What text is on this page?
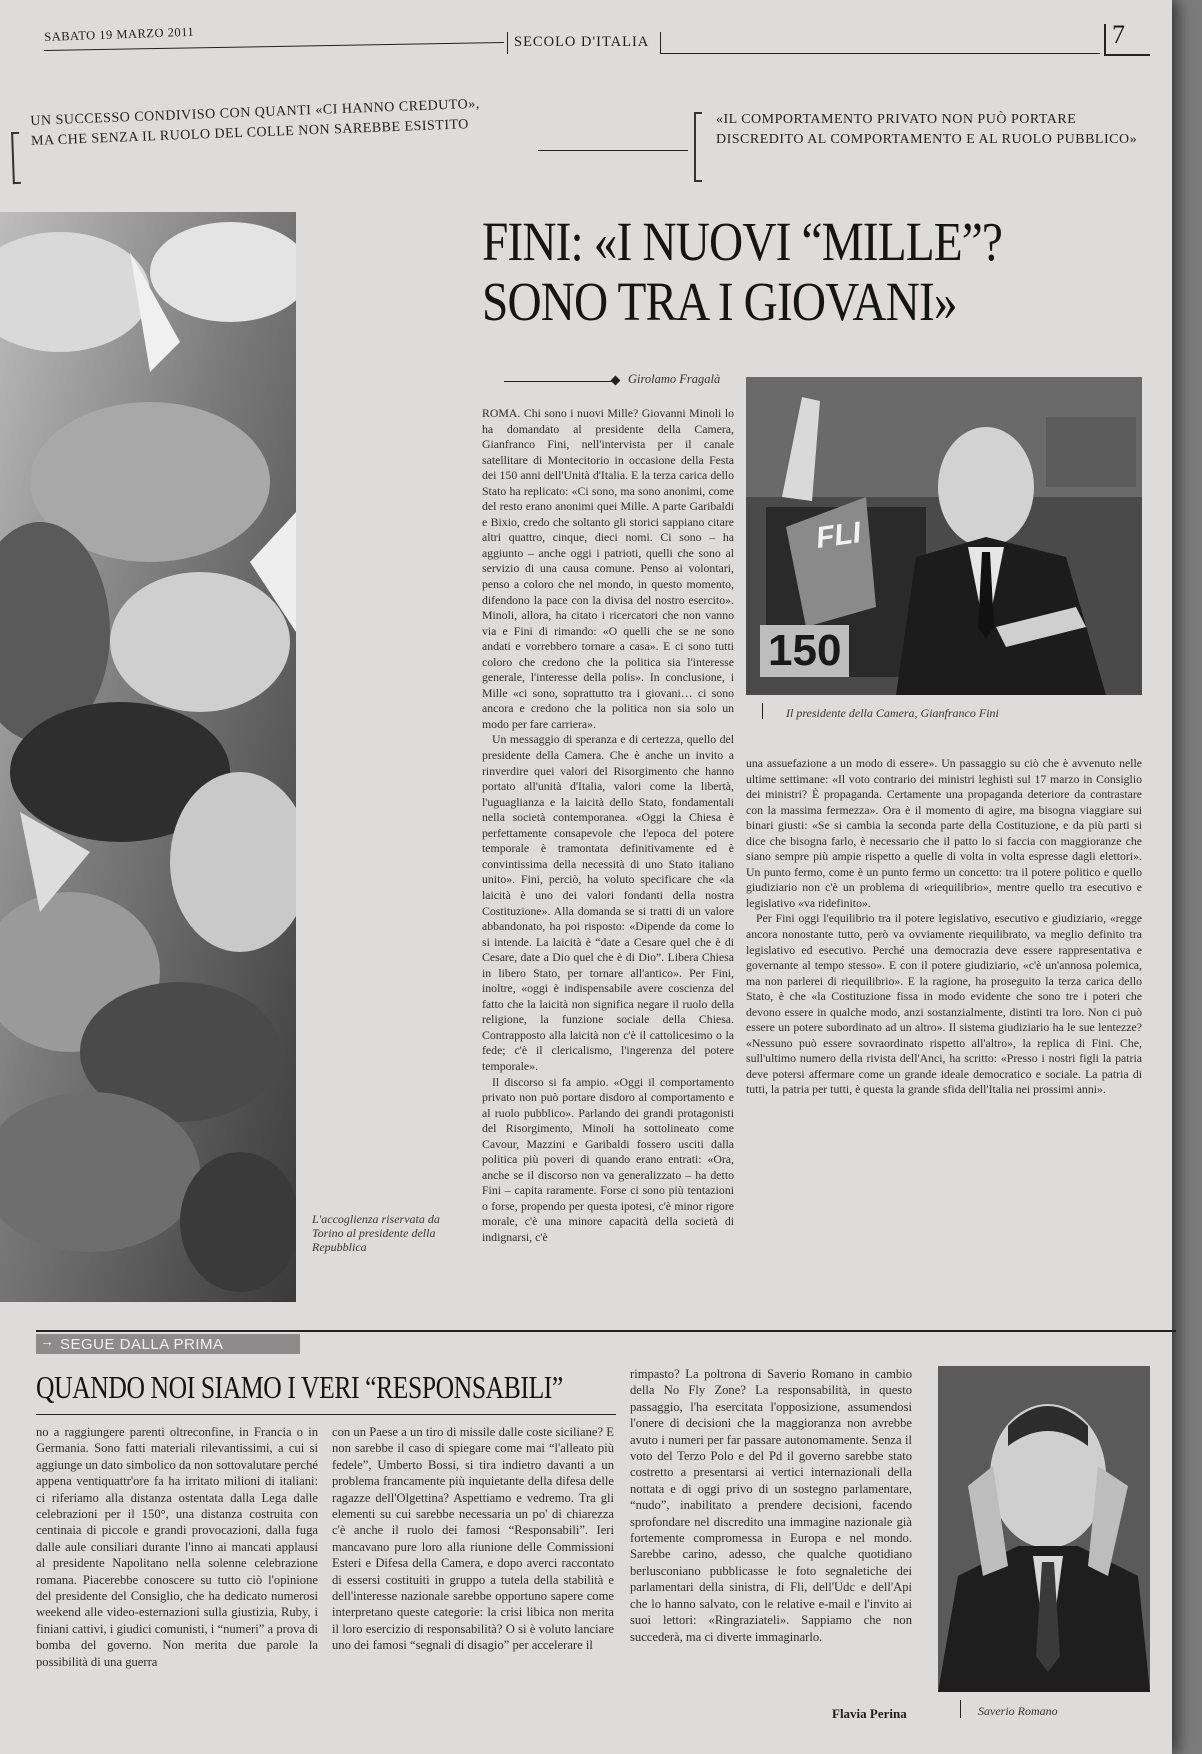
SABATO 19 MARZO 2011	SECOLO D'ITALIA	7
UN SUCCESSO CONDIVISO CON QUANTI «CI HANNO CREDUTO», MA CHE SENZA IL RUOLO DEL COLLE NON SAREBBE ESISTITO	«IL COMPORTAMENTO PRIVATO NON PUÒ PORTARE DISCREDITO AL COMPORTAMENTO E AL RUOLO PUBBLICO»
L'accoglienza riservata da Torino al presidente della Repubblica
FINI: «I NUOVI “MILLE”?
SONO TRA I GIOVANI»
Girolamo Fragalà
FLI
150
Il presidente della Camera, Gianfranco Fini

ROMA. Chi sono i nuovi Mille? Giovanni Minoli lo ha domandato al presidente della Camera, Gianfranco Fini, nell'intervista per il canale satellitare di Montecitorio in occasione della Festa dei 150 anni dell'Unità d'Italia. E la terza carica dello Stato ha replicato: «Ci sono, ma sono anonimi, come del resto erano anonimi quei Mille. A parte Garibaldi e Bixio, credo che soltanto gli storici sappiano citare altri quattro, cinque, dieci nomi. Ci sono – ha aggiunto – anche oggi i patrioti, quelli che sono al servizio di una causa comune. Penso ai volontari, penso a coloro che nel mondo, in questo momento, difendono la pace con la divisa del nostro esercito». Minoli, allora, ha citato i ricercatori che non vanno via e Fini di rimando: «O quelli che se ne sono andati e vorrebbero tornare a casa». E ci sono tutti coloro che credono che la politica sia l'interesse generale, l'interesse della polis». In conclusione, i Mille «ci sono, soprattutto tra i giovani… ci sono ancora e credono che la politica non sia solo un modo per fare carriera».

Un messaggio di speranza e di certezza, quello del presidente della Camera. Che è anche un invito a rinverdire quei valori del Risorgimento che hanno portato all'unità d'Italia, valori come la libertà, l'uguaglianza e la laicità dello Stato, fondamentali nella società contemporanea. «Oggi la Chiesa è perfettamente consapevole che l'epoca del potere temporale è tramontata definitivamente ed è convintissima della necessità di uno Stato italiano unito». Fini, perciò, ha voluto specificare che «la laicità è uno dei valori fondanti della nostra Costituzione». Alla domanda se si tratti di un valore abbandonato, ha poi risposto: «Dipende da come lo si intende. La laicità è “date a Cesare quel che è di Cesare, date a Dio quel che è di Dio”. Libera Chiesa in libero Stato, per tornare all'antico». Per Fini, inoltre, «oggi è indispensabile avere coscienza del fatto che la laicità non significa negare il ruolo della religione, la funzione sociale della Chiesa. Contrapposto alla laicità non c'è il cattolicesimo o la fede; c'è il clericalismo, l'ingerenza del potere temporale».

Il discorso si fa ampio. «Oggi il comportamento privato non può portare disdoro al comportamento e al ruolo pubblico». Parlando dei grandi protagonisti del Risorgimento, Minoli ha sottolineato come Cavour, Mazzini e Garibaldi fossero usciti dalla politica più poveri di quando erano entrati: «Ora, anche se il discorso non va generalizzato – ha detto Fini – capita raramente. Forse ci sono più tentazioni o forse, propendo per questa ipotesi, c'è minor rigore morale, c'è una minore capacità della società di indignarsi, c'è

una assuefazione a un modo di essere». Un passaggio su ciò che è avvenuto nelle ultime settimane: «Il voto contrario dei ministri leghisti sul 17 marzo in Consiglio dei ministri? È propaganda. Certamente una propaganda deteriore da contrastare con la massima fermezza». Ora è il momento di agire, ma bisogna viaggiare sui binari giusti: «Se si cambia la seconda parte della Costituzione, e da più parti si dice che bisogna farlo, è necessario che il patto lo si faccia con maggioranze che siano sempre più ampie rispetto a quelle di volta in volta espresse dagli elettori». Un punto fermo, come è un punto fermo un concetto: tra il potere politico e quello giudiziario non c'è un problema di «riequilibrio», mentre quello tra esecutivo e legislativo «va ridefinito».

Per Fini oggi l'equilibrio tra il potere legislativo, esecutivo e giudiziario, «regge ancora nonostante tutto, però va ovviamente riequilibrato, va meglio definito tra legislativo ed esecutivo. Perché una democrazia deve essere rappresentativa e governante al tempo stesso». E con il potere giudiziario, «c'è un'annosa polemica, ma non parlerei di riequilibrio». E la ragione, ha proseguito la terza carica dello Stato, è che «la Costituzione fissa in modo evidente che sono tre i poteri che devono essere in qualche modo, anzi sostanzialmente, distinti tra loro. Non ci può essere un potere subordinato ad un altro». Il sistema giudiziario ha le sue lentezze? «Nessuno può essere sovraordinato rispetto all'altro», la replica di Fini. Che, sull'ultimo numero della rivista dell'Anci, ha scritto: «Presso i nostri figli la patria deve potersi affermare come un grande ideale democratico e sociale. La patria di tutti, la patria per tutti, è questa la grande sfida dell'Italia nei prossimi anni».

→ SEGUE DALLA PRIMA
QUANDO NOI SIAMO I VERI “RESPONSABILI”

no a raggiungere parenti oltreconfine, in Francia o in Germania. Sono fatti materiali rilevantissimi, a cui si aggiunge un dato simbolico da non sottovalutare perché appena ventiquattr'ore fa ha irritato milioni di italiani: ci riferiamo alla distanza ostentata dalla Lega dalle celebrazioni per il 150°, una distanza costruita con centinaia di piccole e grandi provocazioni, dalla fuga dalle aule consiliari durante l'inno ai mancati applausi al presidente Napolitano nella solenne celebrazione romana. Piacerebbe conoscere su tutto ciò l'opinione del presidente del Consiglio, che ha dedicato numerosi weekend alle video-esternazioni sulla giustizia, Ruby, i finiani cattivi, i giudici comunisti, i “numeri” a prova di bomba del governo. Non merita due parole la possibilità di una guerra

con un Paese a un tiro di missile dalle coste siciliane? E non sarebbe il caso di spiegare come mai “l'alleato più fedele”, Umberto Bossi, si tira indietro davanti a un problema francamente più inquietante della difesa delle ragazze dell'Olgettina? Aspettiamo e vedremo. Tra gli elementi su cui sarebbe necessaria un po' di chiarezza c'è anche il ruolo dei famosi “Responsabili”. Ieri mancavano pure loro alla riunione delle Commissioni Esteri e Difesa della Camera, e dopo averci raccontato di essersi costituiti in gruppo a tutela della stabilità e dell'interesse nazionale sarebbe opportuno sapere come interpretano queste categorie: la crisi libica non merita il loro esercizio di responsabilità? O si è voluto lanciare uno dei famosi “segnali di disagio” per accelerare il

rimpasto? La poltrona di Saverio Romano in cambio della No Fly Zone? La responsabilità, in questo passaggio, l'ha esercitata l'opposizione, assumendosi l'onere di decisioni che la maggioranza non avrebbe avuto i numeri per far passare autonomamente. Senza il voto del Terzo Polo e del Pd il governo sarebbe stato costretto a presentarsi ai vertici internazionali della nottata e di oggi privo di un sostegno parlamentare, “nudo”, inabilitato a prendere decisioni, facendo sprofondare nel discredito una immagine nazionale già fortemente compromessa in Europa e nel mondo. Sarebbe carino, adesso, che qualche quotidiano berlusconiano pubblicasse le foto segnaletiche dei parlamentari della sinistra, di Fli, dell'Udc e dell'Api che lo hanno salvato, con le relative e-mail e l'invito ai suoi lettori: «Ringraziateli». Sappiamo che non succederà, ma ci diverte immaginarlo.

Flavia Perina	Saverio Romano
